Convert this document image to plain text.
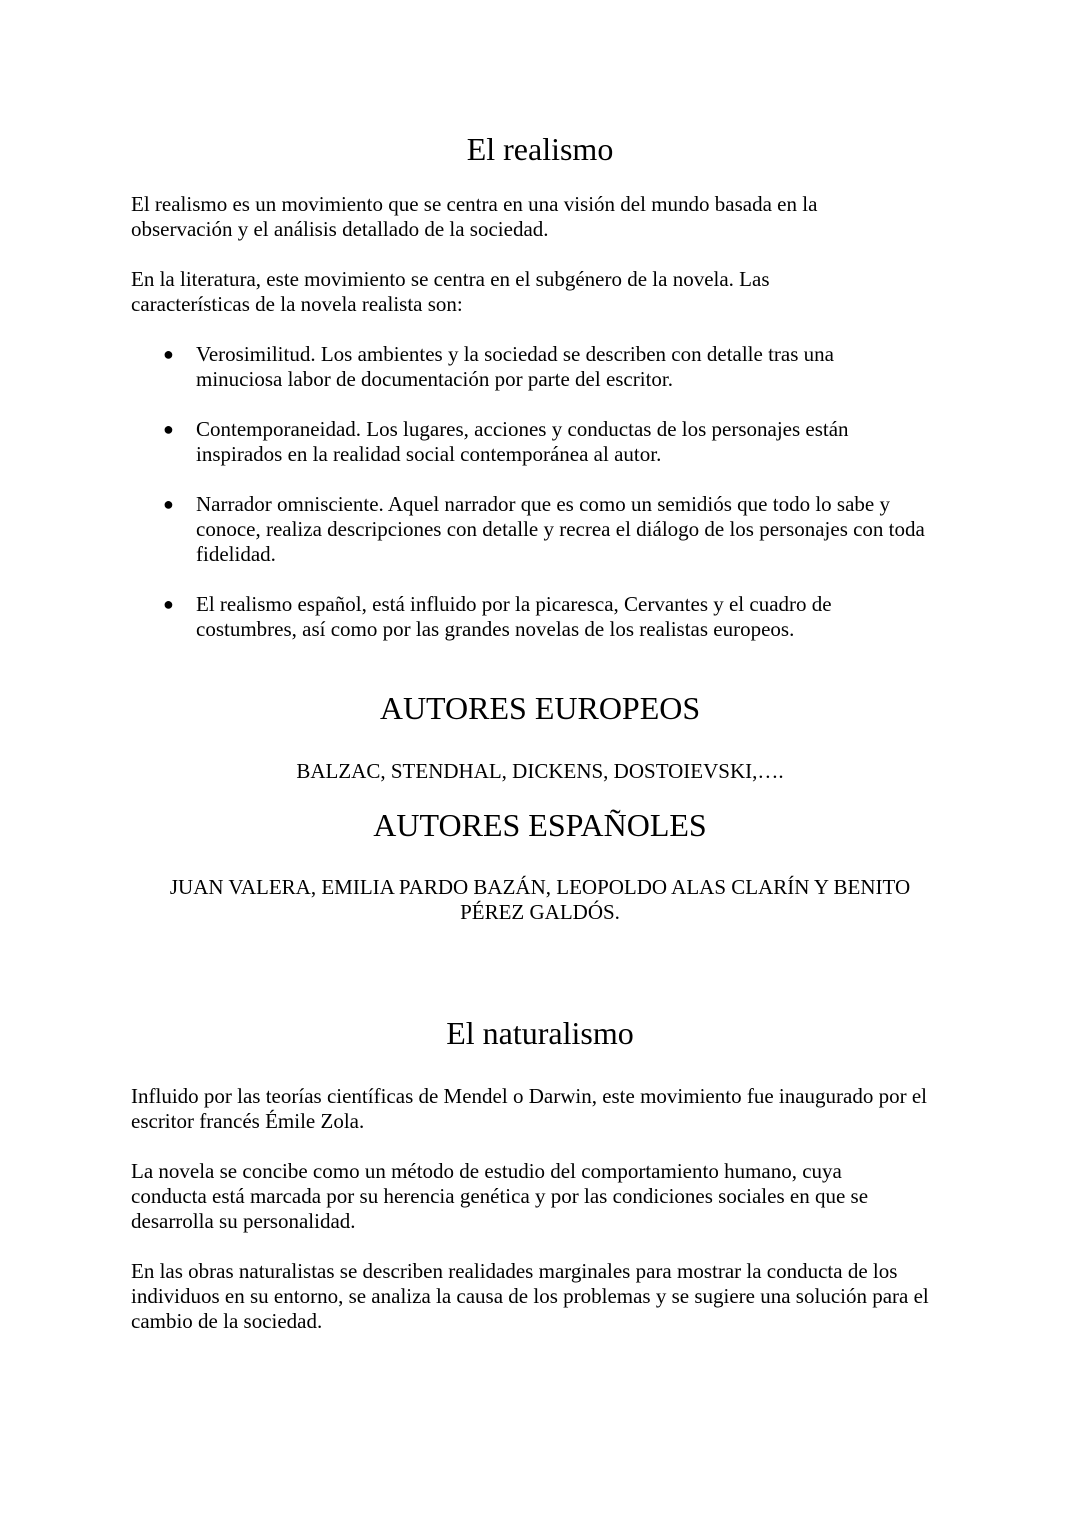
El realismo

El realismo es un movimiento que se centra en una visión del mundo basada en la observación y el análisis detallado de la sociedad.

En la literatura, este movimiento se centra en el subgénero de la novela. Las características de la novela realista son:

●	Verosimilitud. Los ambientes y la sociedad se describen con detalle tras una minuciosa labor de documentación por parte del escritor.
●	Contemporaneidad. Los lugares, acciones y conductas de los personajes están inspirados en la realidad social contemporánea al autor.
●	Narrador omnisciente. Aquel narrador que es como un semidiós que todo lo sabe y conoce, realiza descripciones con detalle y recrea el diálogo de los personajes con toda fidelidad.
●	El realismo español, está influido por la picaresca, Cervantes y el cuadro de costumbres, así como por las grandes novelas de los realistas europeos.
AUTORES EUROPEOS
BALZAC, STENDHAL, DICKENS, DOSTOIEVSKI,….
AUTORES ESPAÑOLES
JUAN VALERA, EMILIA PARDO BAZÁN, LEOPOLDO ALAS CLARÍN Y BENITO PÉREZ GALDÓS.
El naturalismo

Influido por las teorías científicas de Mendel o Darwin, este movimiento fue inaugurado por el escritor francés Émile Zola.

La novela se concibe como un método de estudio del comportamiento humano, cuya conducta está marcada por su herencia genética y por las condiciones sociales en que se desarrolla su personalidad.

En las obras naturalistas se describen realidades marginales para mostrar la conducta de los individuos en su entorno, se analiza la causa de los problemas y se sugiere una solución para el cambio de la sociedad.
